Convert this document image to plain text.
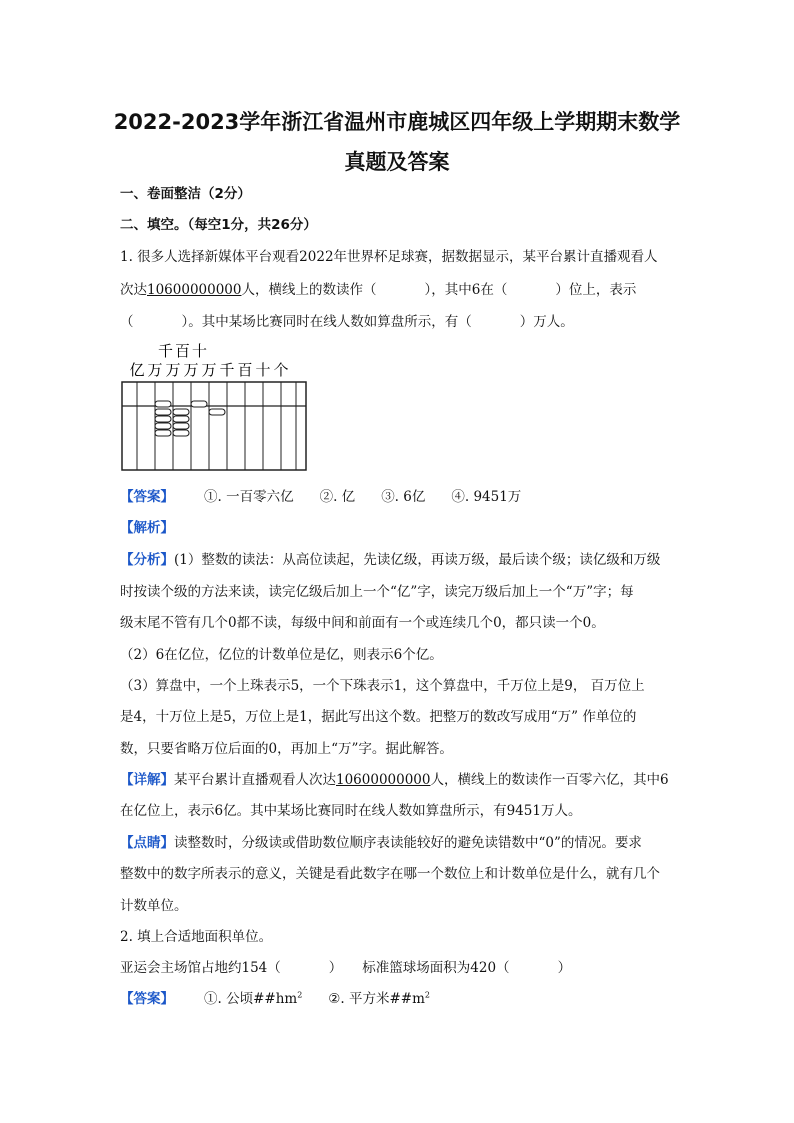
2022-2023学年浙江省温州市鹿城区四年级上学期期末数学
真题及答案
一、卷面整洁（2分）
二、填空。（每空1分，共26分）
1. 很多人选择新媒体平台观看2022年世界杯足球赛，据数据显示，某平台累计直播观看人
次达10600000000人，横线上的数读作（	），其中6在（	）位上，表示
（	）。其中某场比赛同时在线人数如算盘所示，有（	）万人。
千百十
亿 万 万 万 万 千 百 十 个
【答案】 ①. 一百零六亿 ②. 亿 ③. 6亿 ④. 9451万
【解析】
【分析】(1）整数的读法：从高位读起，先读亿级，再读万级，最后读个级；读亿级和万级
时按读个级的方法来读，读完亿级后加上一个“亿”字，读完万级后加上一个“万”字；每
级末尾不管有几个0都不读，每级中间和前面有一个或连续几个0，都只读一个0。
（2）6在亿位，亿位的计数单位是亿，则表示6个亿。
（3）算盘中，一个上珠表示5，一个下珠表示1，这个算盘中，千万位上是9， 百万位上
是4，十万位上是5，万位上是1，据此写出这个数。把整万的数改写成用“万” 作单位的
数，只要省略万位后面的0，再加上“万”字。据此解答。
【详解】某平台累计直播观看人次达10600000000人，横线上的数读作一百零六亿，其中6
在亿位上，表示6亿。其中某场比赛同时在线人数如算盘所示，有9451万人。
【点睛】读整数时，分级读或借助数位顺序表读能较好的避免读错数中“0”的情况。要求
整数中的数字所表示的意义，关键是看此数字在哪一个数位上和计数单位是什么，就有几个
计数单位。
2. 填上合适地面积单位。
亚运会主场馆占地约154（	） 标准篮球场面积为420（	）
【答案】 ①. 公顷$\#\#hm^2$ ②. 平方米$\#\#m^2$
